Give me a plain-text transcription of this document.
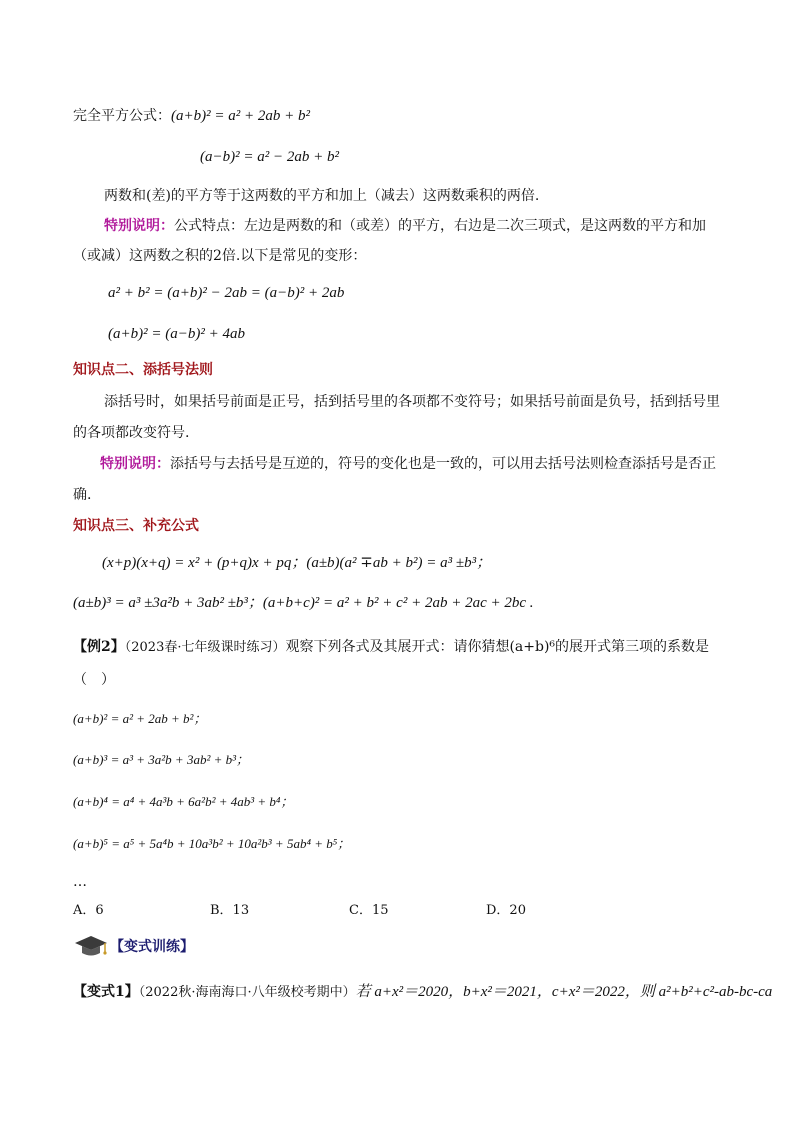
完全平方公式：(a+b)² = a² + 2ab + b²
(a−b)² = a² − 2ab + b²
两数和(差)的平方等于这两数的平方和加上（减去）这两数乘积的两倍.
特别说明：公式特点：左边是两数的和（或差）的平方，右边是二次三项式，是这两数的平方和加
（或减）这两数之积的2倍.以下是常见的变形：
a² + b² = (a+b)² − 2ab = (a−b)² + 2ab
(a+b)² = (a−b)² + 4ab
知识点二、添括号法则
添括号时，如果括号前面是正号，括到括号里的各项都不变符号；如果括号前面是负号，括到括号里
的各项都改变符号.
特别说明：添括号与去括号是互逆的，符号的变化也是一致的，可以用去括号法则检查添括号是否正
确.
知识点三、补充公式
(x+p)(x+q) = x² + (p+q)x + pq；(a±b)(a² ∓ab + b²) = a³ ±b³；
(a±b)³ = a³ ±3a²b + 3ab² ±b³；(a+b+c)² = a² + b² + c² + 2ab + 2ac + 2bc .
【例2】（2023春·七年级课时练习）观察下列各式及其展开式：请你猜想(a+b)⁶的展开式第三项的系数是
（　）
(a+b)² = a² + 2ab + b²；
(a+b)³ = a³ + 3a²b + 3ab² + b³；
(a+b)⁴ = a⁴ + 4a³b + 6a²b² + 4ab³ + b⁴；
(a+b)⁵ = a⁵ + 5a⁴b + 10a³b² + 10a²b³ + 5ab⁴ + b⁵；
…
A．6	B．13	C．15	D．20
【变式训练】
【变式1】（2022秋·海南海口·八年级校考期中）若 a+x²＝2020，b+x²＝2021，c+x²＝2022，则 a²+b²+c²-ab-bc-ca
